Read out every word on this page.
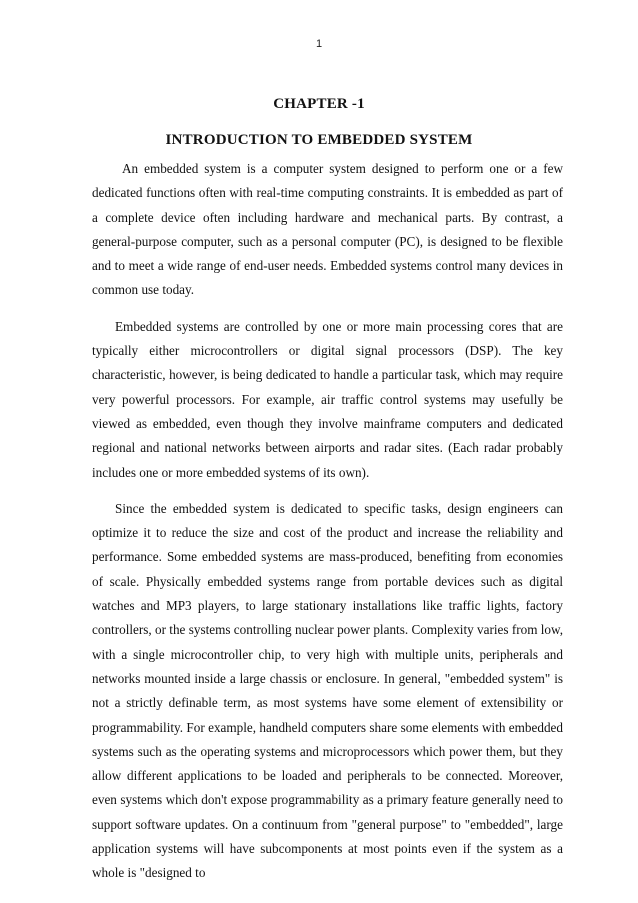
1
CHAPTER -1
INTRODUCTION TO EMBEDDED SYSTEM

An embedded system is a computer system designed to perform one or a few dedicated functions often with real-time computing constraints. It is embedded as part of a complete device often including hardware and mechanical parts. By contrast, a general-purpose computer, such as a personal computer (PC), is designed to be flexible and to meet a wide range of end-user needs. Embedded systems control many devices in common use today.

Embedded systems are controlled by one or more main processing cores that are typically either microcontrollers or digital signal processors (DSP). The key characteristic, however, is being dedicated to handle a particular task, which may require very powerful processors. For example, air traffic control systems may usefully be viewed as embedded, even though they involve mainframe computers and dedicated regional and national networks between airports and radar sites. (Each radar probably includes one or more embedded systems of its own).

Since the embedded system is dedicated to specific tasks, design engineers can optimize it to reduce the size and cost of the product and increase the reliability and performance. Some embedded systems are mass-produced, benefiting from economies of scale. Physically embedded systems range from portable devices such as digital watches and MP3 players, to large stationary installations like traffic lights, factory controllers, or the systems controlling nuclear power plants. Complexity varies from low, with a single microcontroller chip, to very high with multiple units, peripherals and networks mounted inside a large chassis or enclosure. In general, "embedded system" is not a strictly definable term, as most systems have some element of extensibility or programmability. For example, handheld computers share some elements with embedded systems such as the operating systems and microprocessors which power them, but they allow different applications to be loaded and peripherals to be connected. Moreover, even systems which don't expose programmability as a primary feature generally need to support software updates. On a continuum from "general purpose" to "embedded", large application systems will have subcomponents at most points even if the system as a whole is "designed to
